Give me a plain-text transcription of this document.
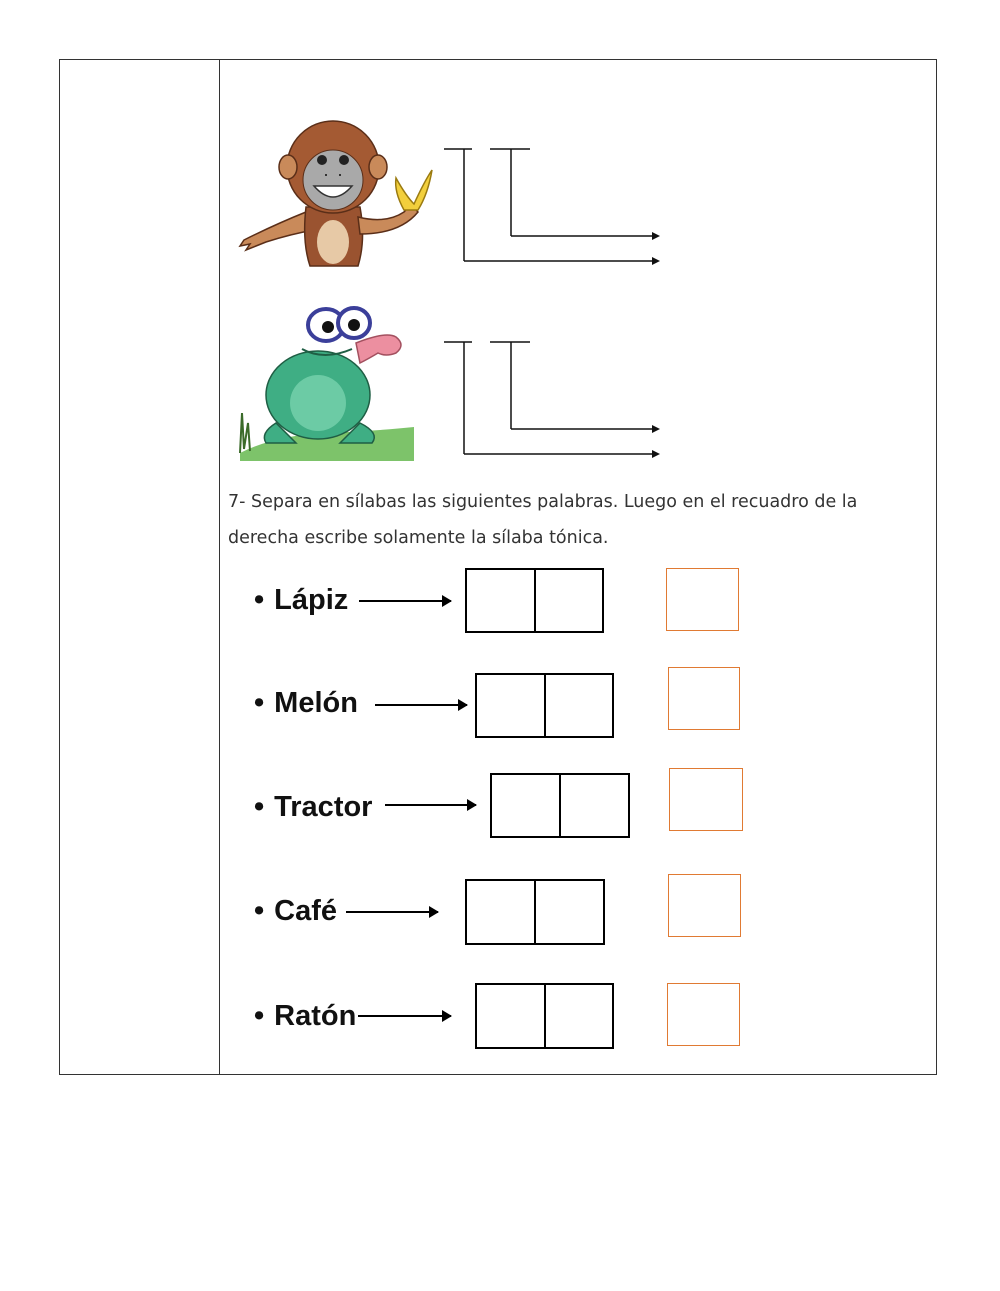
7- Separa en sílabas las siguientes palabras. Luego en el recuadro de la
derecha escribe solamente la sílaba tónica.
• Lápiz
• Melón
• Tractor
• Café
• Ratón
